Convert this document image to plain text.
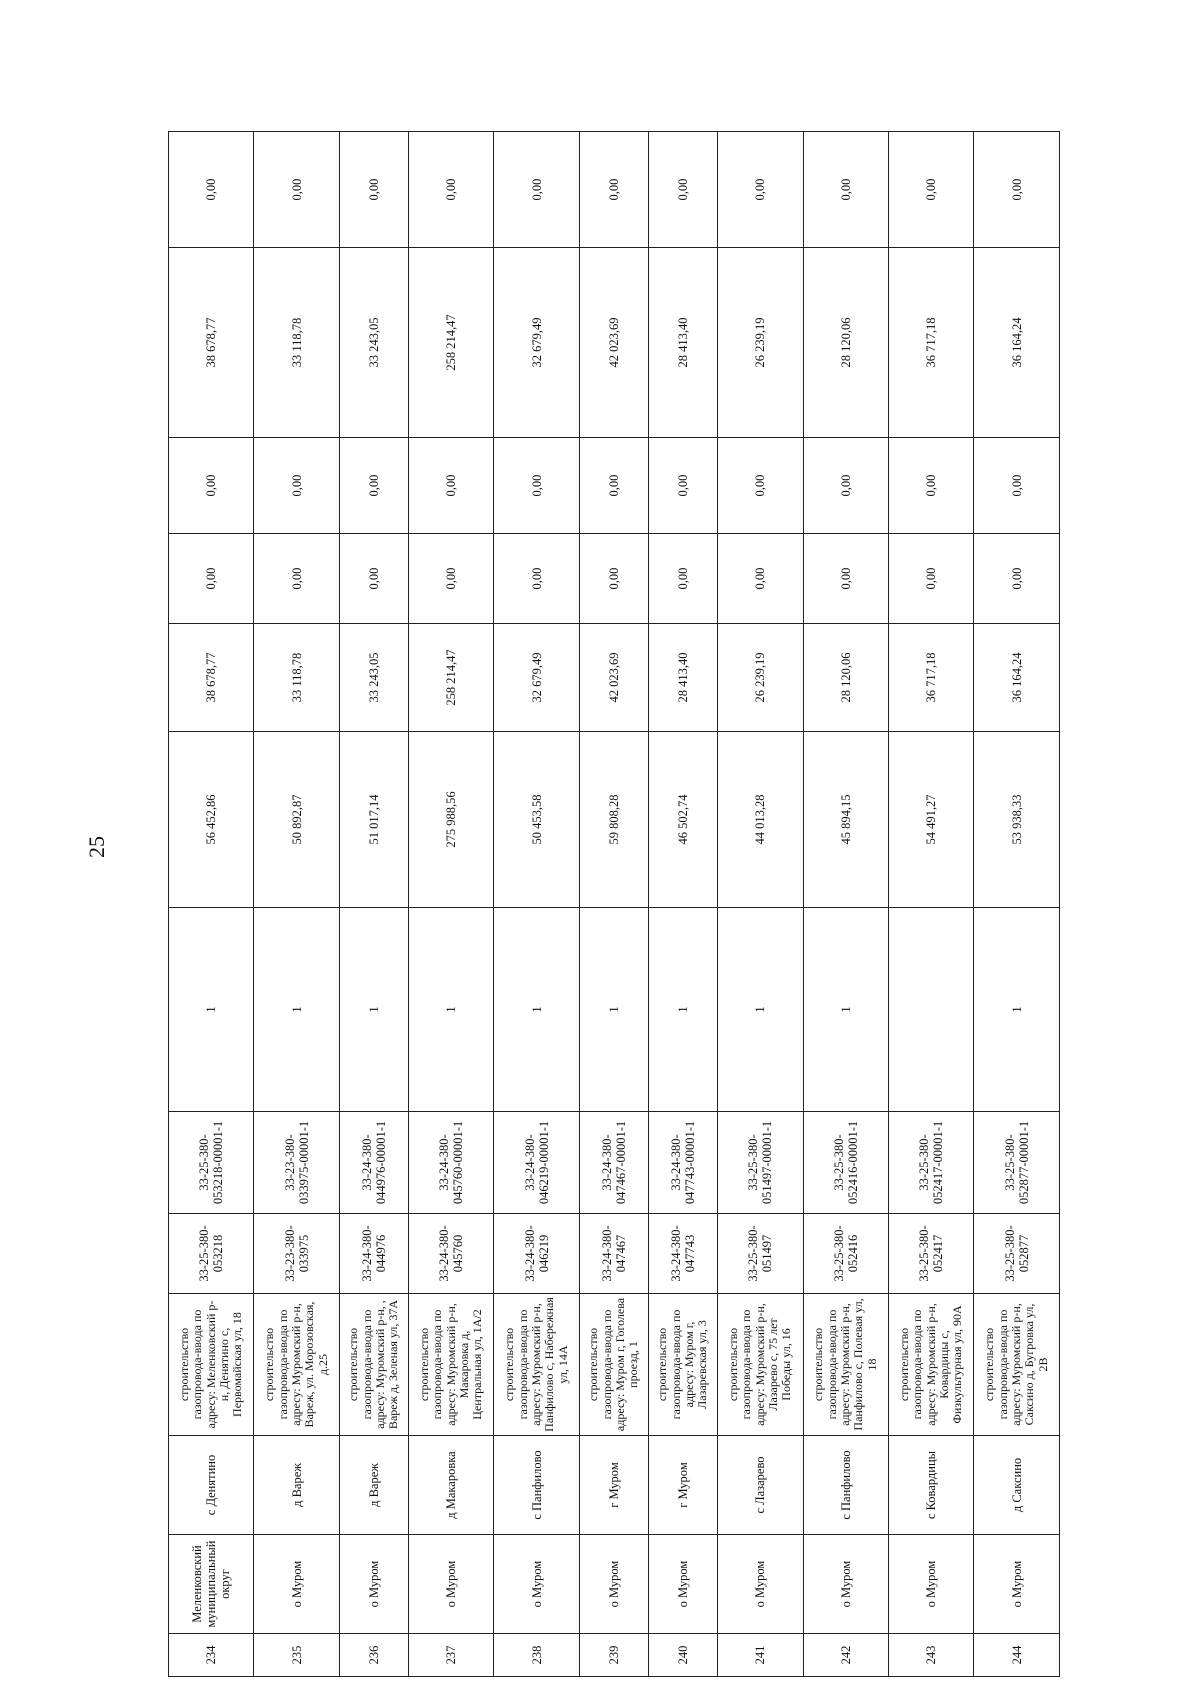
25
234	Меленковский муниципальный округ	с Денятино	строительство газопровода-ввода по адресу: Меленковский р-н, Денятино с, Первомайская ул, 18	33-25-380-053218	33-25-380-053218-00001-1	1	56 452,86	38 678,77	0,00	0,00	38 678,77	0,00
235	о Муром	д Вареж	строительство газопровода-ввода по адресу: Муромский р-н, Вареж, ул. Морозовская, д.25	33-23-380-033975	33-23-380-033975-00001-1	1	50 892,87	33 118,78	0,00	0,00	33 118,78	0,00
236	о Муром	д Вареж	строительство газопровода-ввода по адресу: Муромский р-н, , Вареж д, Зеленая ул, 37А	33-24-380-044976	33-24-380-044976-00001-1	1	51 017,14	33 243,05	0,00	0,00	33 243,05	0,00
237	о Муром	д Макаровка	строительство газопровода-ввода по адресу: Муромский р-н, Макаровка д, Центральная ул, 1А/2	33-24-380-045760	33-24-380-045760-00001-1	1	275 988,56	258 214,47	0,00	0,00	258 214,47	0,00
238	о Муром	с Панфилово	строительство газопровода-ввода по адресу: Муромский р-н, Панфилово с, Набережная ул, 14А	33-24-380-046219	33-24-380-046219-00001-1	1	50 453,58	32 679,49	0,00	0,00	32 679,49	0,00
239	о Муром	г Муром	строительство газопровода-ввода по адресу: Муром г, Гоголева проезд, 1	33-24-380-047467	33-24-380-047467-00001-1	1	59 808,28	42 023,69	0,00	0,00	42 023,69	0,00
240	о Муром	г Муром	строительство газопровода-ввода по адресу: Муром г, Лазаревская ул, 3	33-24-380-047743	33-24-380-047743-00001-1	1	46 502,74	28 413,40	0,00	0,00	28 413,40	0,00
241	о Муром	с Лазарево	строительство газопровода-ввода по адресу: Муромский р-н, Лазарево с, 75 лет Победы ул, 16	33-25-380-051497	33-25-380-051497-00001-1	1	44 013,28	26 239,19	0,00	0,00	26 239,19	0,00
242	о Муром	с Панфилово	строительство газопровода-ввода по адресу: Муромский р-н, Панфилово с, Полевая ул, 18	33-25-380-052416	33-25-380-052416-00001-1	1	45 894,15	28 120,06	0,00	0,00	28 120,06	0,00
243	о Муром	с Ковардицы	строительство газопровода-ввода по адресу: Муромский р-н, Ковардицы с, Физкультурная ул, 90А	33-25-380-052417	33-25-380-052417-00001-1		54 491,27	36 717,18	0,00	0,00	36 717,18	0,00
244	о Муром	д Саксино	строительство газопровода-ввода по адресу: Муромский р-н, Саксино д, Бугровка ул, 2В	33-25-380-052877	33-25-380-052877-00001-1	1	53 938,33	36 164,24	0,00	0,00	36 164,24	0,00
